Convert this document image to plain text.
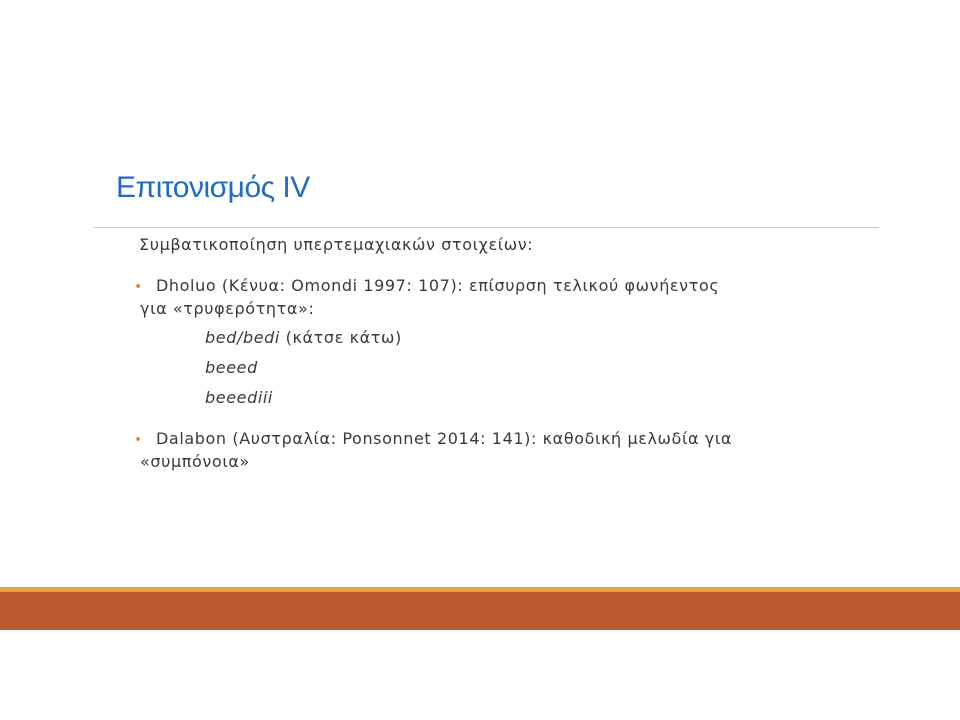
Επιτονισμός IV
Συμβατικοποίηση υπερτεμαχιακών στοιχείων:
• Dholuo (Κένυα: Omondi 1997: 107): επίσυρση τελικού φωνήεντος
για «τρυφερότητα»:
bed/bedi (κάτσε κάτω)
beeed
beeediii
• Dalabon (Αυστραλία: Ponsonnet 2014: 141): καθοδική μελωδία για
«συμπόνοια»
